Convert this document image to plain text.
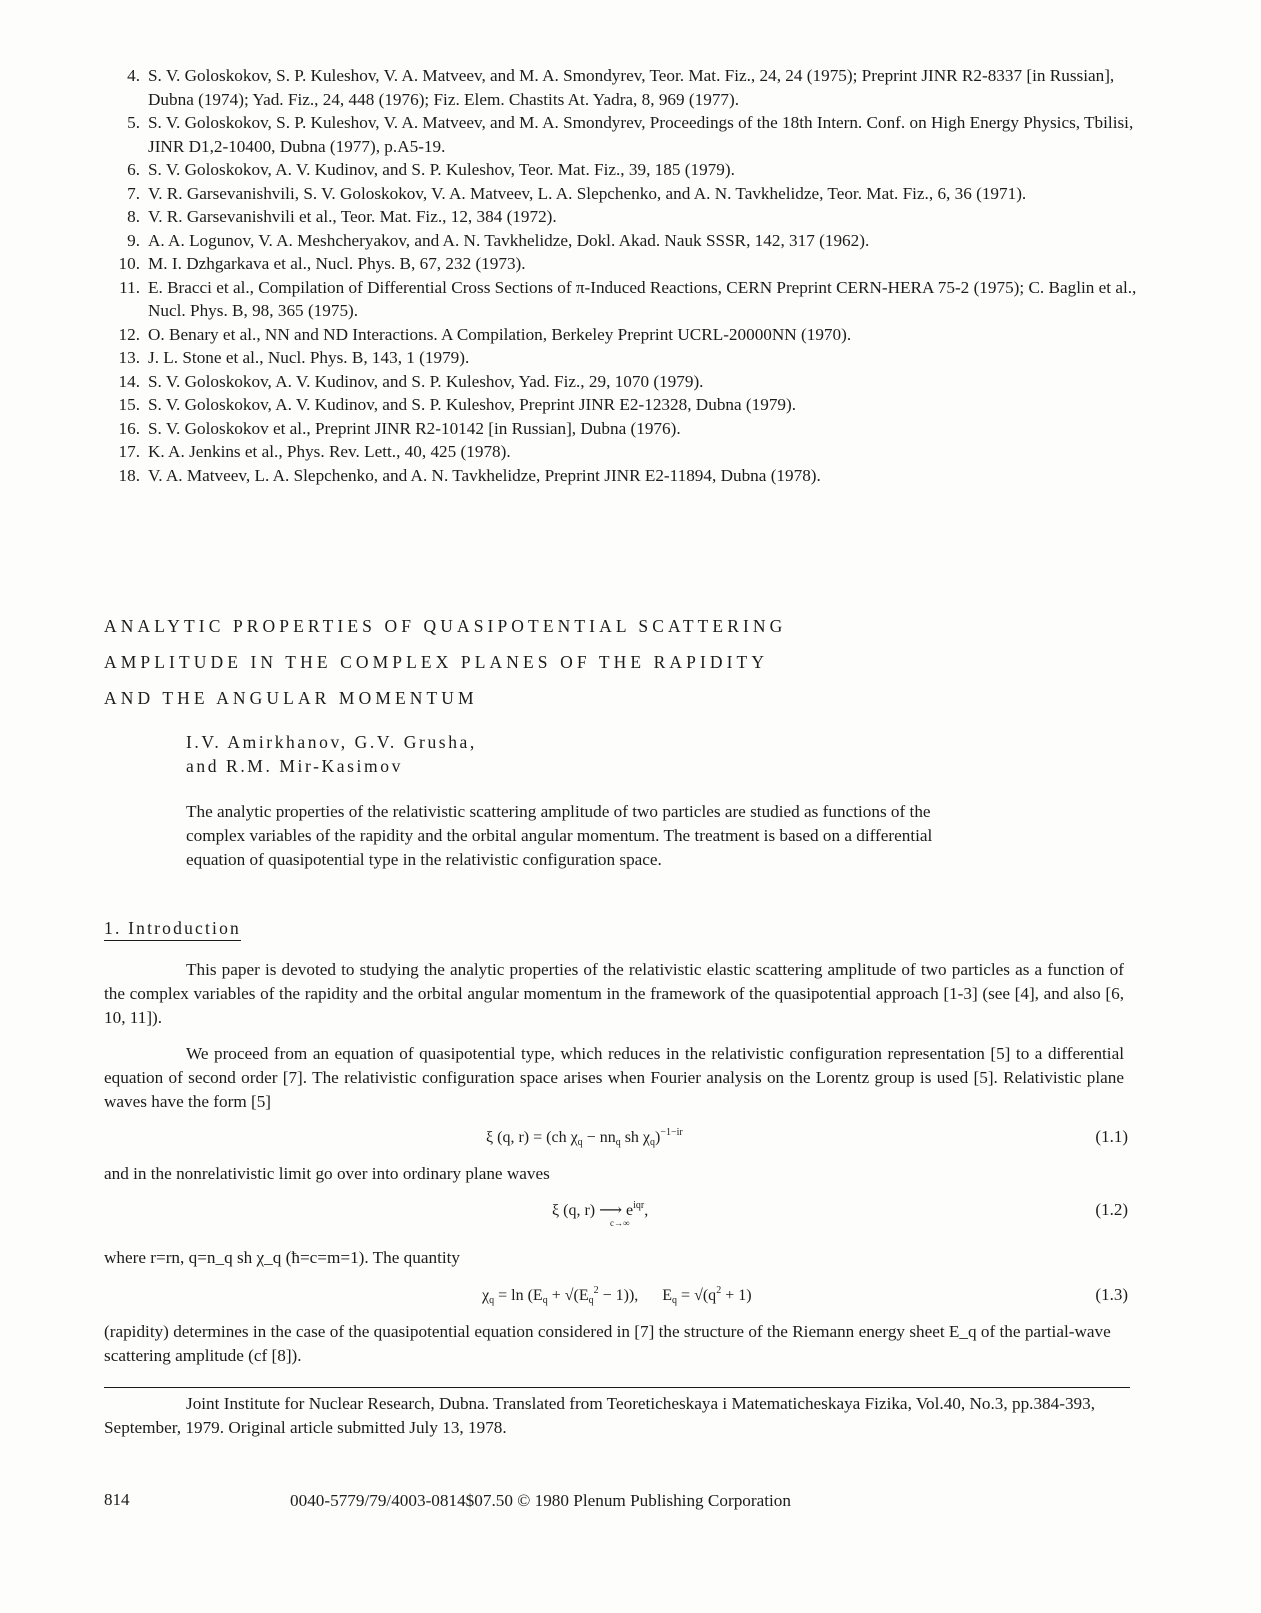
4. S. V. Goloskokov, S. P. Kuleshov, V. A. Matveev, and M. A. Smondyrev, Teor. Mat. Fiz., 24, 24 (1975); Preprint JINR R2-8337 [in Russian], Dubna (1974); Yad. Fiz., 24, 448 (1976); Fiz. Elem. Chastits At. Yadra, 8, 969 (1977).
5. S. V. Goloskokov, S. P. Kuleshov, V. A. Matveev, and M. A. Smondyrev, Proceedings of the 18th Intern. Conf. on High Energy Physics, Tbilisi, JINR D1,2-10400, Dubna (1977), p.A5-19.
6. S. V. Goloskokov, A. V. Kudinov, and S. P. Kuleshov, Teor. Mat. Fiz., 39, 185 (1979).
7. V. R. Garsevanishvili, S. V. Goloskokov, V. A. Matveev, L. A. Slepchenko, and A. N. Tavkhelidze, Teor. Mat. Fiz., 6, 36 (1971).
8. V. R. Garsevanishvili et al., Teor. Mat. Fiz., 12, 384 (1972).
9. A. A. Logunov, V. A. Meshcheryakov, and A. N. Tavkhelidze, Dokl. Akad. Nauk SSSR, 142, 317 (1962).
10. M. I. Dzhgarkava et al., Nucl. Phys. B, 67, 232 (1973).
11. E. Bracci et al., Compilation of Differential Cross Sections of π-Induced Reactions, CERN Preprint CERN-HERA 75-2 (1975); C. Baglin et al., Nucl. Phys. B, 98, 365 (1975).
12. O. Benary et al., NN and ND Interactions. A Compilation, Berkeley Preprint UCRL-20000NN (1970).
13. J. L. Stone et al., Nucl. Phys. B, 143, 1 (1979).
14. S. V. Goloskokov, A. V. Kudinov, and S. P. Kuleshov, Yad. Fiz., 29, 1070 (1979).
15. S. V. Goloskokov, A. V. Kudinov, and S. P. Kuleshov, Preprint JINR E2-12328, Dubna (1979).
16. S. V. Goloskokov et al., Preprint JINR R2-10142 [in Russian], Dubna (1976).
17. K. A. Jenkins et al., Phys. Rev. Lett., 40, 425 (1978).
18. V. A. Matveev, L. A. Slepchenko, and A. N. Tavkhelidze, Preprint JINR E2-11894, Dubna (1978).
ANALYTIC PROPERTIES OF QUASIPOTENTIAL SCATTERING
AMPLITUDE IN THE COMPLEX PLANES OF THE RAPIDITY
AND THE ANGULAR MOMENTUM
I.V. Amirkhanov, G.V. Grusha,
and R.M. Mir-Kasimov
The analytic properties of the relativistic scattering amplitude of two particles are studied as functions of the complex variables of the rapidity and the orbital angular momentum. The treatment is based on a differential equation of quasipotential type in the relativistic configuration space.
1. Introduction
This paper is devoted to studying the analytic properties of the relativistic elastic scattering amplitude of two particles as a function of the complex variables of the rapidity and the orbital angular momentum in the framework of the quasipotential approach [1-3] (see [4], and also [6, 10, 11]).
We proceed from an equation of quasipotential type, which reduces in the relativistic configuration representation [5] to a differential equation of second order [7]. The relativistic configuration space arises when Fourier analysis on the Lorentz group is used [5]. Relativistic plane waves have the form [5]
ξ (q, r) = (ch $\chi_q - nn_q$ sh $\chi_q)^{-1-ir}$	(1.1)
and in the nonrelativistic limit go over into ordinary plane waves
ξ (q, r) ⟶ $e^{iqr}$,
c→∞
(1.2)
where r=rn, q=n_q sh χ_q (ħ=c=m=1). The quantity
$\chi_q = \ln (E_q + √(E_q^2 - 1))$,      $E_q = √(q^2 + 1)$	(1.3)
(rapidity) determines in the case of the quasipotential equation considered in [7] the structure of the Riemann energy sheet E_q of the partial-wave scattering amplitude (cf [8]).
Joint Institute for Nuclear Research, Dubna. Translated from Teoreticheskaya i Matematicheskaya Fizika, Vol.40, No.3, pp.384-393, September, 1979. Original article submitted July 13, 1978.
814	0040-5779/79/4003-0814$07.50 © 1980 Plenum Publishing Corporation
